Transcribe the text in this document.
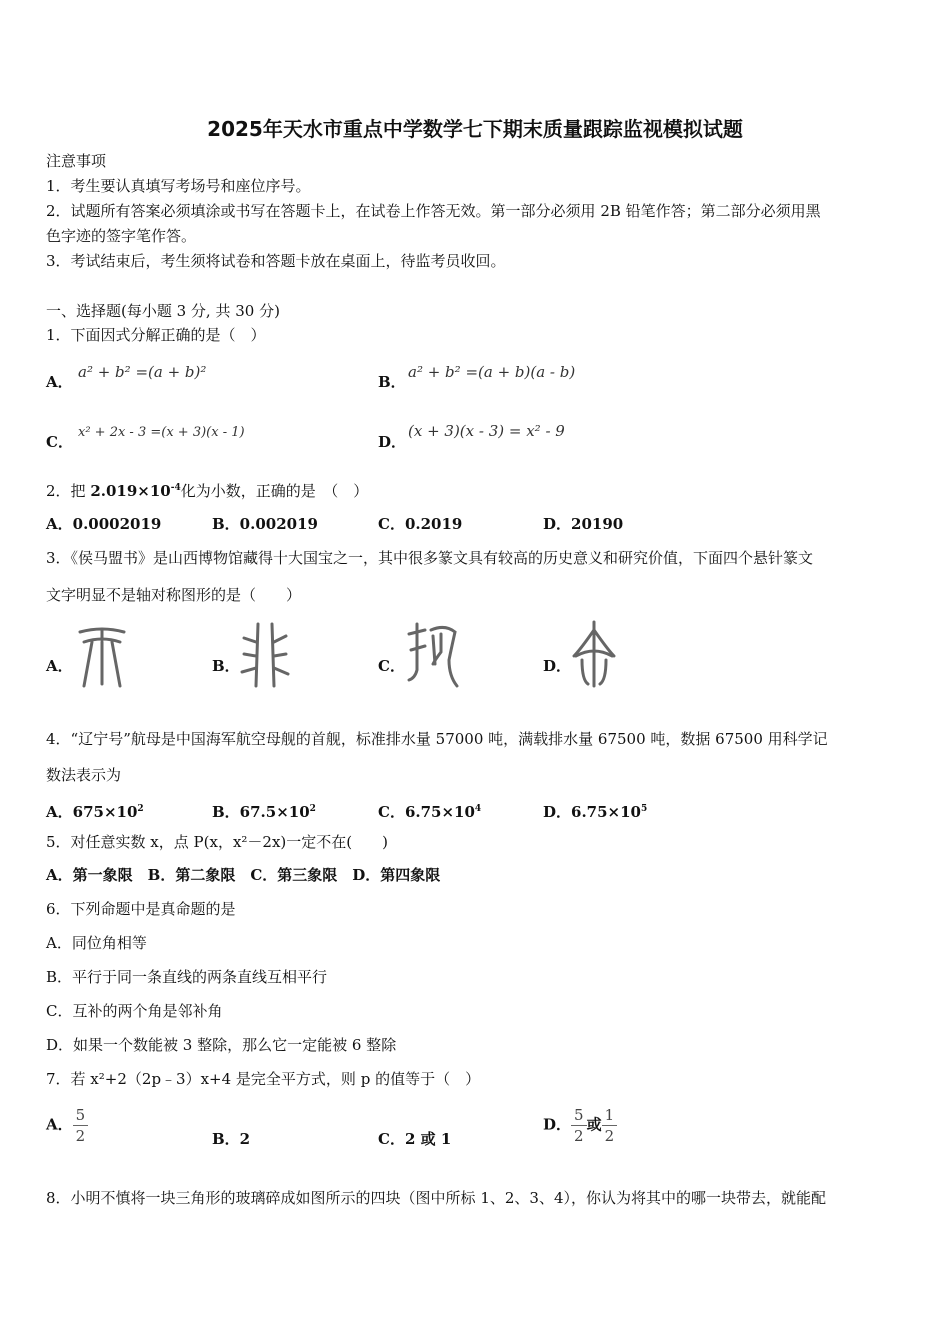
2025年天水市重点中学数学七下期末质量跟踪监视模拟试题
注意事项
1．考生要认真填写考场号和座位序号。
2．试题所有答案必须填涂或书写在答题卡上，在试卷上作答无效。第一部分必须用 2B 铅笔作答；第二部分必须用黑
色字迹的签字笔作答。
3．考试结束后，考生须将试卷和答题卡放在桌面上，待监考员收回。
一、选择题(每小题 3 分, 共 30 分)
1．下面因式分解正确的是（　）
A．
a² + b² =(a + b)²
B．
a² + b² =(a + b)(a - b)
C．
x² + 2x - 3 =(x + 3)(x - 1)
D．
(x + 3)(x - 3) = x² - 9
2．把 $2.019\times 10^{-4}$化为小数，正确的是　（　）
A．0.0002019	B．0.002019	C．0.2019	D．20190
3．《侯马盟书》是山西博物馆藏得十大国宝之一，其中很多篆文具有较高的历史意义和研究价值，下面四个悬针篆文
文字明显不是轴对称图形的是（　　）
A．	B．	C．	D．
4．“辽宁号”航母是中国海军航空母舰的首舰，标准排水量 57000 吨，满载排水量 67500 吨，数据 67500 用科学记
数法表示为
A．$675\times 10^2$	B．$67.5\times 10^2$	C．$6.75\times 10^4$	D．$6.75\times 10^5$
5．对任意实数 x，点 P(x，x²－2x)一定不在(　　)
A．第一象限　B．第二象限　C．第三象限　D．第四象限
6．下列命题中是真命题的是
A．同位角相等
B．平行于同一条直线的两条直线互相平行
C．互补的两个角是邻补角
D．如果一个数能被 3 整除，那么它一定能被 6 整除
7．若 x²+2（2p﹣3）x+4 是完全平方式，则 p 的值等于（　）
A． $\frac{5}{2}$	B．2	C．2 或 1
D． $\frac{5}{2}$ 或 $\frac{1}{2}$
8．小明不慎将一块三角形的玻璃碎成如图所示的四块（图中所标 1、2、3、4），你认为将其中的哪一块带去，就能配
